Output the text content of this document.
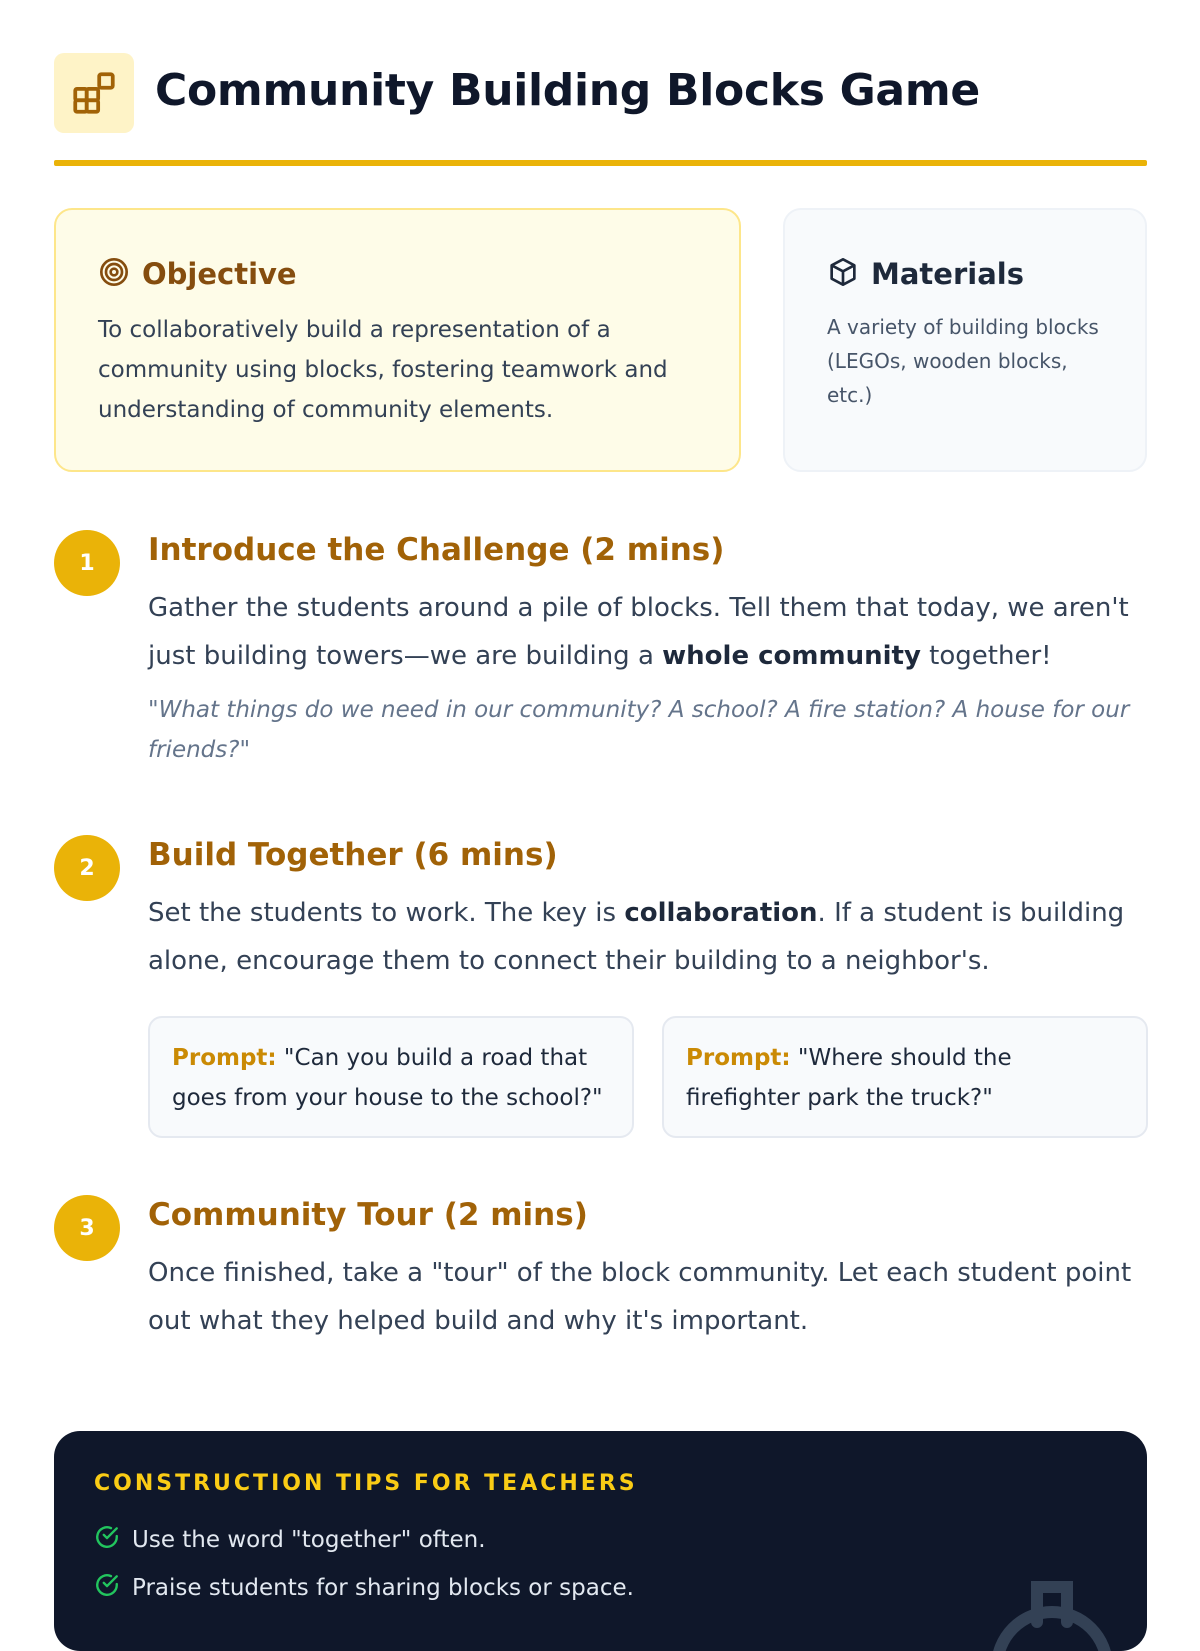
Community Building Blocks Game
Objective

To collaboratively build a representation of a community using blocks, fostering teamwork and understanding of community elements.

Materials

A variety of building blocks (LEGOs, wooden blocks, etc.)

1	Introduce the Challenge (2 mins)

Gather the students around a pile of blocks. Tell them that today, we aren't just building towers—we are building a whole community together!

"What things do we need in our community? A school? A fire station? A house for our friends?"

2	Build Together (6 mins)

Set the students to work. The key is collaboration. If a student is building alone, encourage them to connect their building to a neighbor's.

Prompt: "Can you build a road that goes from your house to the school?"
Prompt: "Where should the firefighter park the truck?"
3	Community Tour (2 mins)

Once finished, take a "tour" of the block community. Let each student point out what they helped build and why it's important.

CONSTRUCTION TIPS FOR TEACHERS
Use the word "together" often.
Praise students for sharing blocks or space.
